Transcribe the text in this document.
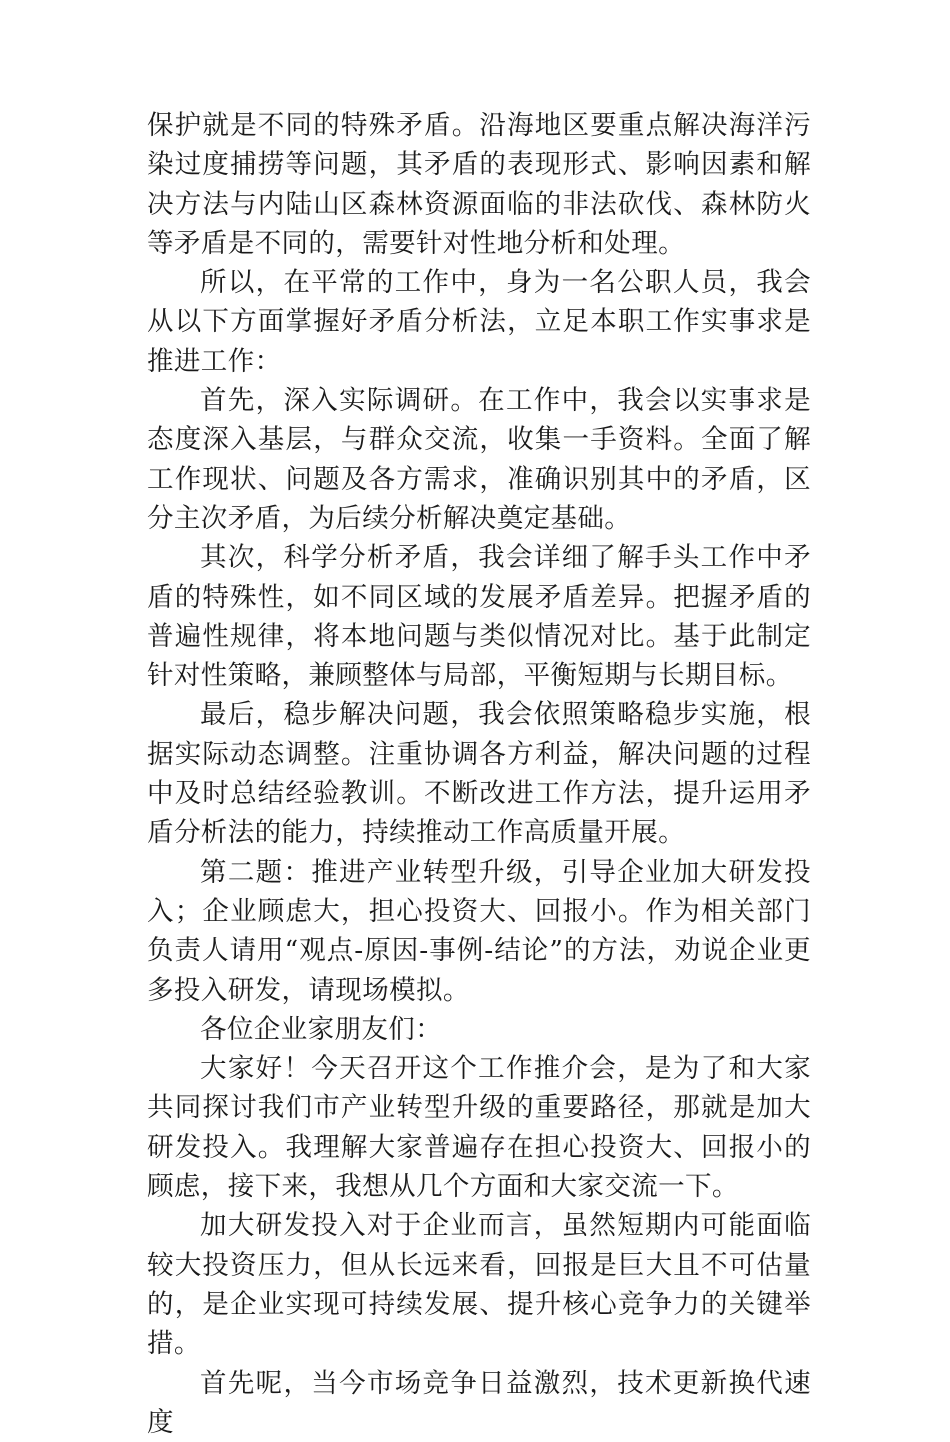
保护就是不同的特殊矛盾。沿海地区要重点解决海洋污染过度捕捞等问题，其矛盾的表现形式、影响因素和解决方法与内陆山区森林资源面临的非法砍伐、森林防火等矛盾是不同的，需要针对性地分析和处理。

所以，在平常的工作中，身为一名公职人员，我会从以下方面掌握好矛盾分析法，立足本职工作实事求是推进工作：

首先，深入实际调研。在工作中，我会以实事求是态度深入基层，与群众交流，收集一手资料。全面了解工作现状、问题及各方需求，准确识别其中的矛盾，区分主次矛盾，为后续分析解决奠定基础。

其次，科学分析矛盾，我会详细了解手头工作中矛盾的特殊性，如不同区域的发展矛盾差异。把握矛盾的普遍性规律，将本地问题与类似情况对比。基于此制定针对性策略，兼顾整体与局部，平衡短期与长期目标。

最后，稳步解决问题，我会依照策略稳步实施，根据实际动态调整。注重协调各方利益，解决问题的过程中及时总结经验教训。不断改进工作方法，提升运用矛盾分析法的能力，持续推动工作高质量开展。

第二题：推进产业转型升级，引导企业加大研发投入；企业顾虑大，担心投资大、回报小。作为相关部门负责人请用“观点-原因-事例-结论”的方法，劝说企业更多投入研发，请现场模拟。

各位企业家朋友们：

大家好！今天召开这个工作推介会，是为了和大家共同探讨我们市产业转型升级的重要路径，那就是加大研发投入。我理解大家普遍存在担心投资大、回报小的顾虑，接下来，我想从几个方面和大家交流一下。

加大研发投入对于企业而言，虽然短期内可能面临较大投资压力，但从长远来看，回报是巨大且不可估量的，是企业实现可持续发展、提升核心竞争力的关键举措。

首先呢，当今市场竞争日益激烈，技术更新换代速度
